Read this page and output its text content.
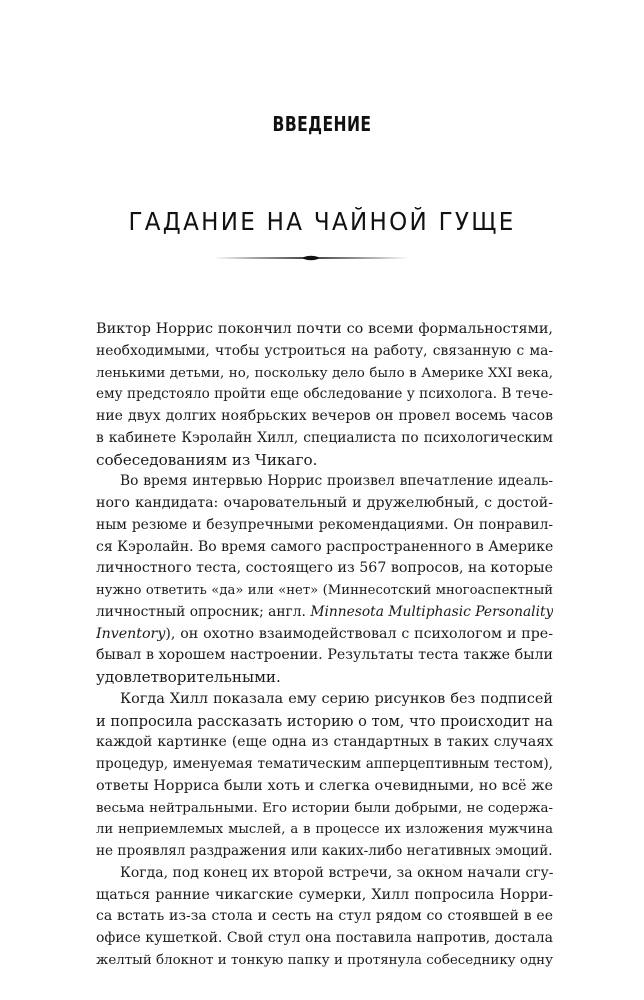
ВВЕДЕНИЕ
ГАДАНИЕ НА ЧАЙНОЙ ГУЩЕ

Виктор Норрис покончил почти со всеми формальностями,
необходимыми, чтобы устроиться на работу, связанную с ма-
ленькими детьми, но, поскольку дело было в Америке XXI века,
ему предстояло пройти еще обследование у психолога. В тече-
ние двух долгих ноябрьских вечеров он провел восемь часов
в кабинете Кэролайн Хилл, специалиста по психологическим
собеседованиям из Чикаго.

Во время интервью Норрис произвел впечатление идеаль-
ного кандидата: очаровательный и дружелюбный, с достой-
ным резюме и безупречными рекомендациями. Он понравил-
ся Кэролайн. Во время самого распространенного в Америке
личностного теста, состоящего из 567 вопросов, на которые
нужно ответить «да» или «нет» (Миннесотский многоаспектный
личностный опросник; англ. Minnesota Multiphasic Personality
Inventory), он охотно взаимодействовал с психологом и пре-
бывал в хорошем настроении. Результаты теста также были
удовлетворительными.

Когда Хилл показала ему серию рисунков без подписей
и попросила рассказать историю о том, что происходит на
каждой картинке (еще одна из стандартных в таких случаях
процедур, именуемая тематическим апперцептивным тестом),
ответы Норриса были хоть и слегка очевидными, но всё же
весьма нейтральными. Его истории были добрыми, не содержа-
ли неприемлемых мыслей, а в процессе их изложения мужчина
не проявлял раздражения или каких-либо негативных эмоций.

Когда, под конец их второй встречи, за окном начали сгу-
щаться ранние чикагские сумерки, Хилл попросила Норри-
са встать из-за стола и сесть на стул рядом со стоявшей в ее
офисе кушеткой. Свой стул она поставила напротив, достала
желтый блокнот и тонкую папку и протянула собеседнику одну
